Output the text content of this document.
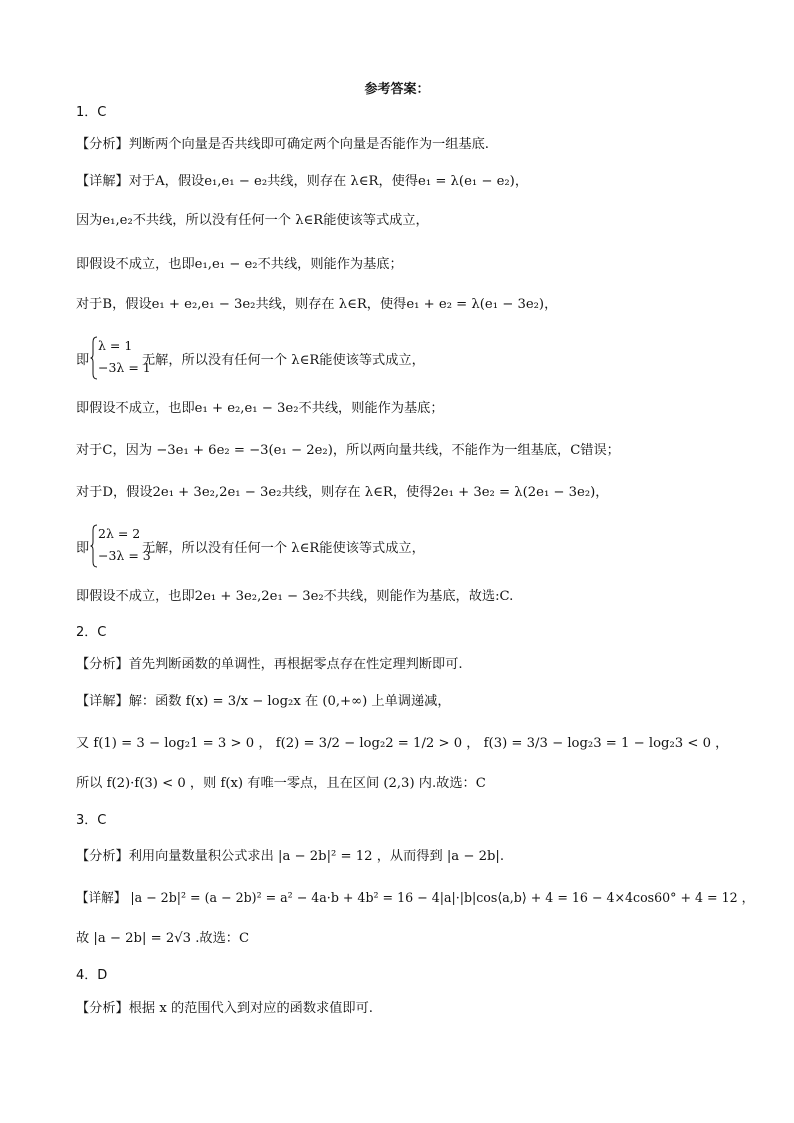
参考答案：
1．C
【分析】判断两个向量是否共线即可确定两个向量是否能作为一组基底.
【详解】对于A，假设e₁,e₁ − e₂共线，则存在 λ∈R，使得e₁ = λ(e₁ − e₂)，
因为e₁,e₂不共线，所以没有任何一个 λ∈R能使该等式成立，
即假设不成立，也即e₁,e₁ − e₂不共线，则能作为基底；
对于B，假设e₁ + e₂,e₁ − 3e₂共线，则存在 λ∈R，使得e₁ + e₂ = λ(e₁ − 3e₂)，
即
λ = 1
−3λ = 1
无解，所以没有任何一个 λ∈R能使该等式成立，
即假设不成立，也即e₁ + e₂,e₁ − 3e₂不共线，则能作为基底；
对于C，因为 −3e₁ + 6e₂ = −3(e₁ − 2e₂)，所以两向量共线，不能作为一组基底，C错误；
对于D，假设2e₁ + 3e₂,2e₁ − 3e₂共线，则存在 λ∈R，使得2e₁ + 3e₂ = λ(2e₁ − 3e₂)，
即
2λ = 2
−3λ = 3
无解，所以没有任何一个 λ∈R能使该等式成立，
即假设不成立，也即2e₁ + 3e₂,2e₁ − 3e₂不共线，则能作为基底，故选:C.
2．C
【分析】首先判断函数的单调性，再根据零点存在性定理判断即可.
【详解】解：函数 f(x) = 3/x − log₂x 在 (0,+∞) 上单调递减，
又 f(1) = 3 − log₂1 = 3 > 0 ， f(2) = 3/2 − log₂2 = 1/2 > 0 ， f(3) = 3/3 − log₂3 = 1 − log₂3 < 0 ，
所以 f(2)·f(3) < 0 ，则 f(x) 有唯一零点，且在区间 (2,3) 内.故选：C
3．C
【分析】利用向量数量积公式求出 |a − 2b|² = 12 ，从而得到 |a − 2b|.
【详解】 |a − 2b|² = (a − 2b)² = a² − 4a·b + 4b² = 16 − 4|a|·|b|cos⟨a,b⟩ + 4 = 16 − 4×4cos60° + 4 = 12 ，
故 |a − 2b| = 2√3 .故选：C
4．D
【分析】根据 x 的范围代入到对应的函数求值即可.
